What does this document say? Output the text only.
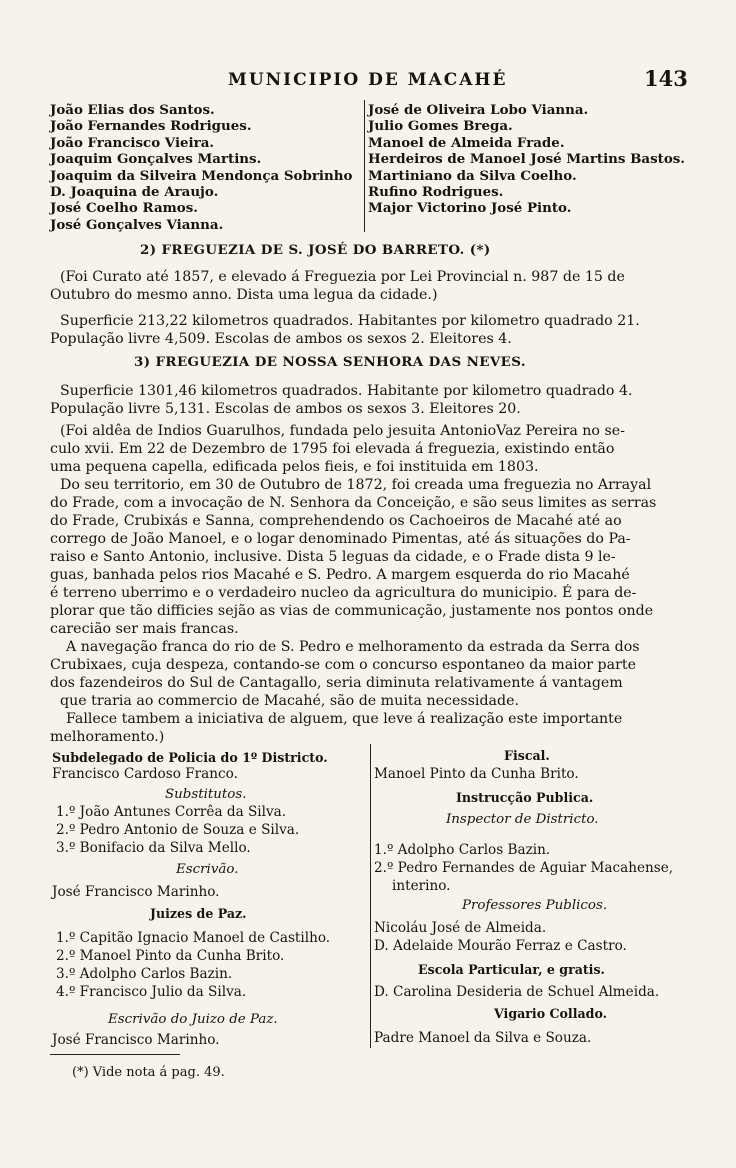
MUNICIPIO DE MACAHÉ	143
João Elias dos Santos.
João Fernandes Rodrigues.
João Francisco Vieira.
Joaquim Gonçalves Martins.
Joaquim da Silveira Mendonça Sobrinho
D. Joaquina de Araujo.
José Coelho Ramos.
José Gonçalves Vianna.
José de Oliveira Lobo Vianna.
Julio Gomes Brega.
Manoel de Almeida Frade.
Herdeiros de Manoel José Martins Bastos.
Martiniano da Silva Coelho.
Rufino Rodrigues.
Major Victorino José Pinto.
2) FREGUEZIA DE S. JOSÉ DO BARRETO. (*)
(Foi Curato até 1857, e elevado á Freguezia por Lei Provincial n. 987 de 15 de
Outubro do mesmo anno. Dista uma legua da cidade.)
Superficie 213,22 kilometros quadrados. Habitantes por kilometro quadrado 21.
População livre 4,509. Escolas de ambos os sexos 2. Eleitores 4.
3) FREGUEZIA DE NOSSA SENHORA DAS NEVES.
Superficie 1301,46 kilometros quadrados. Habitante por kilometro quadrado 4.
População livre 5,131. Escolas de ambos os sexos 3. Eleitores 20.
(Foi aldêa de Indios Guarulhos, fundada pelo jesuita AntonioVaz Pereira no se-
culo xvii. Em 22 de Dezembro de 1795 foi elevada á freguezia, existindo então
uma pequena capella, edificada pelos fieis, e foi instituida em 1803.
Do seu territorio, em 30 de Outubro de 1872, foi creada uma freguezia no Arrayal
do Frade, com a invocação de N. Senhora da Conceição, e são seus limites as serras
do Frade, Crubixás e Sanna, comprehendendo os Cachoeiros de Macahé até ao
corrego de João Manoel, e o logar denominado Pimentas, até ás situações do Pa-
raiso e Santo Antonio, inclusive. Dista 5 leguas da cidade, e o Frade dista 9 le-
guas, banhada pelos rios Macahé e S. Pedro. A margem esquerda do rio Macahé
é terreno uberrimo e o verdadeiro nucleo da agricultura do municipio. É para de-
plorar que tão difficies sejão as vias de communicação, justamente nos pontos onde
carecião ser mais francas.
A navegação franca do rio de S. Pedro e melhoramento da estrada da Serra dos
Crubixaes, cuja despeza, contando-se com o concurso espontaneo da maior parte
dos fazendeiros do Sul de Cantagallo, seria diminuta relativamente á vantagem
que traria ao commercio de Macahé, são de muita necessidade.
Fallece tambem a iniciativa de alguem, que leve á realização este importante
melhoramento.)
Subdelegado de Policia do 1º Districto.
Francisco Cardoso Franco.
Substitutos.
1.º João Antunes Corrêa da Silva.
2.º Pedro Antonio de Souza e Silva.
3.º Bonifacio da Silva Mello.
Escrivão.
José Francisco Marinho.
Juizes de Paz.
1.º Capitão Ignacio Manoel de Castilho.
2.º Manoel Pinto da Cunha Brito.
3.º Adolpho Carlos Bazin.
4.º Francisco Julio da Silva.
Escrivão do Juizo de Paz.
José Francisco Marinho.
Fiscal.
Manoel Pinto da Cunha Brito.
Instrucção Publica.
Inspector de Districto.
1.º Adolpho Carlos Bazin.
2.º Pedro Fernandes de Aguiar Macahense,
interino.
Professores Publicos.
Nicoláu José de Almeida.
D. Adelaide Mourão Ferraz e Castro.
Escola Particular, e gratis.
D. Carolina Desideria de Schuel Almeida.
Vigario Collado.
Padre Manoel da Silva e Souza.
(*) Vide nota á pag. 49.
